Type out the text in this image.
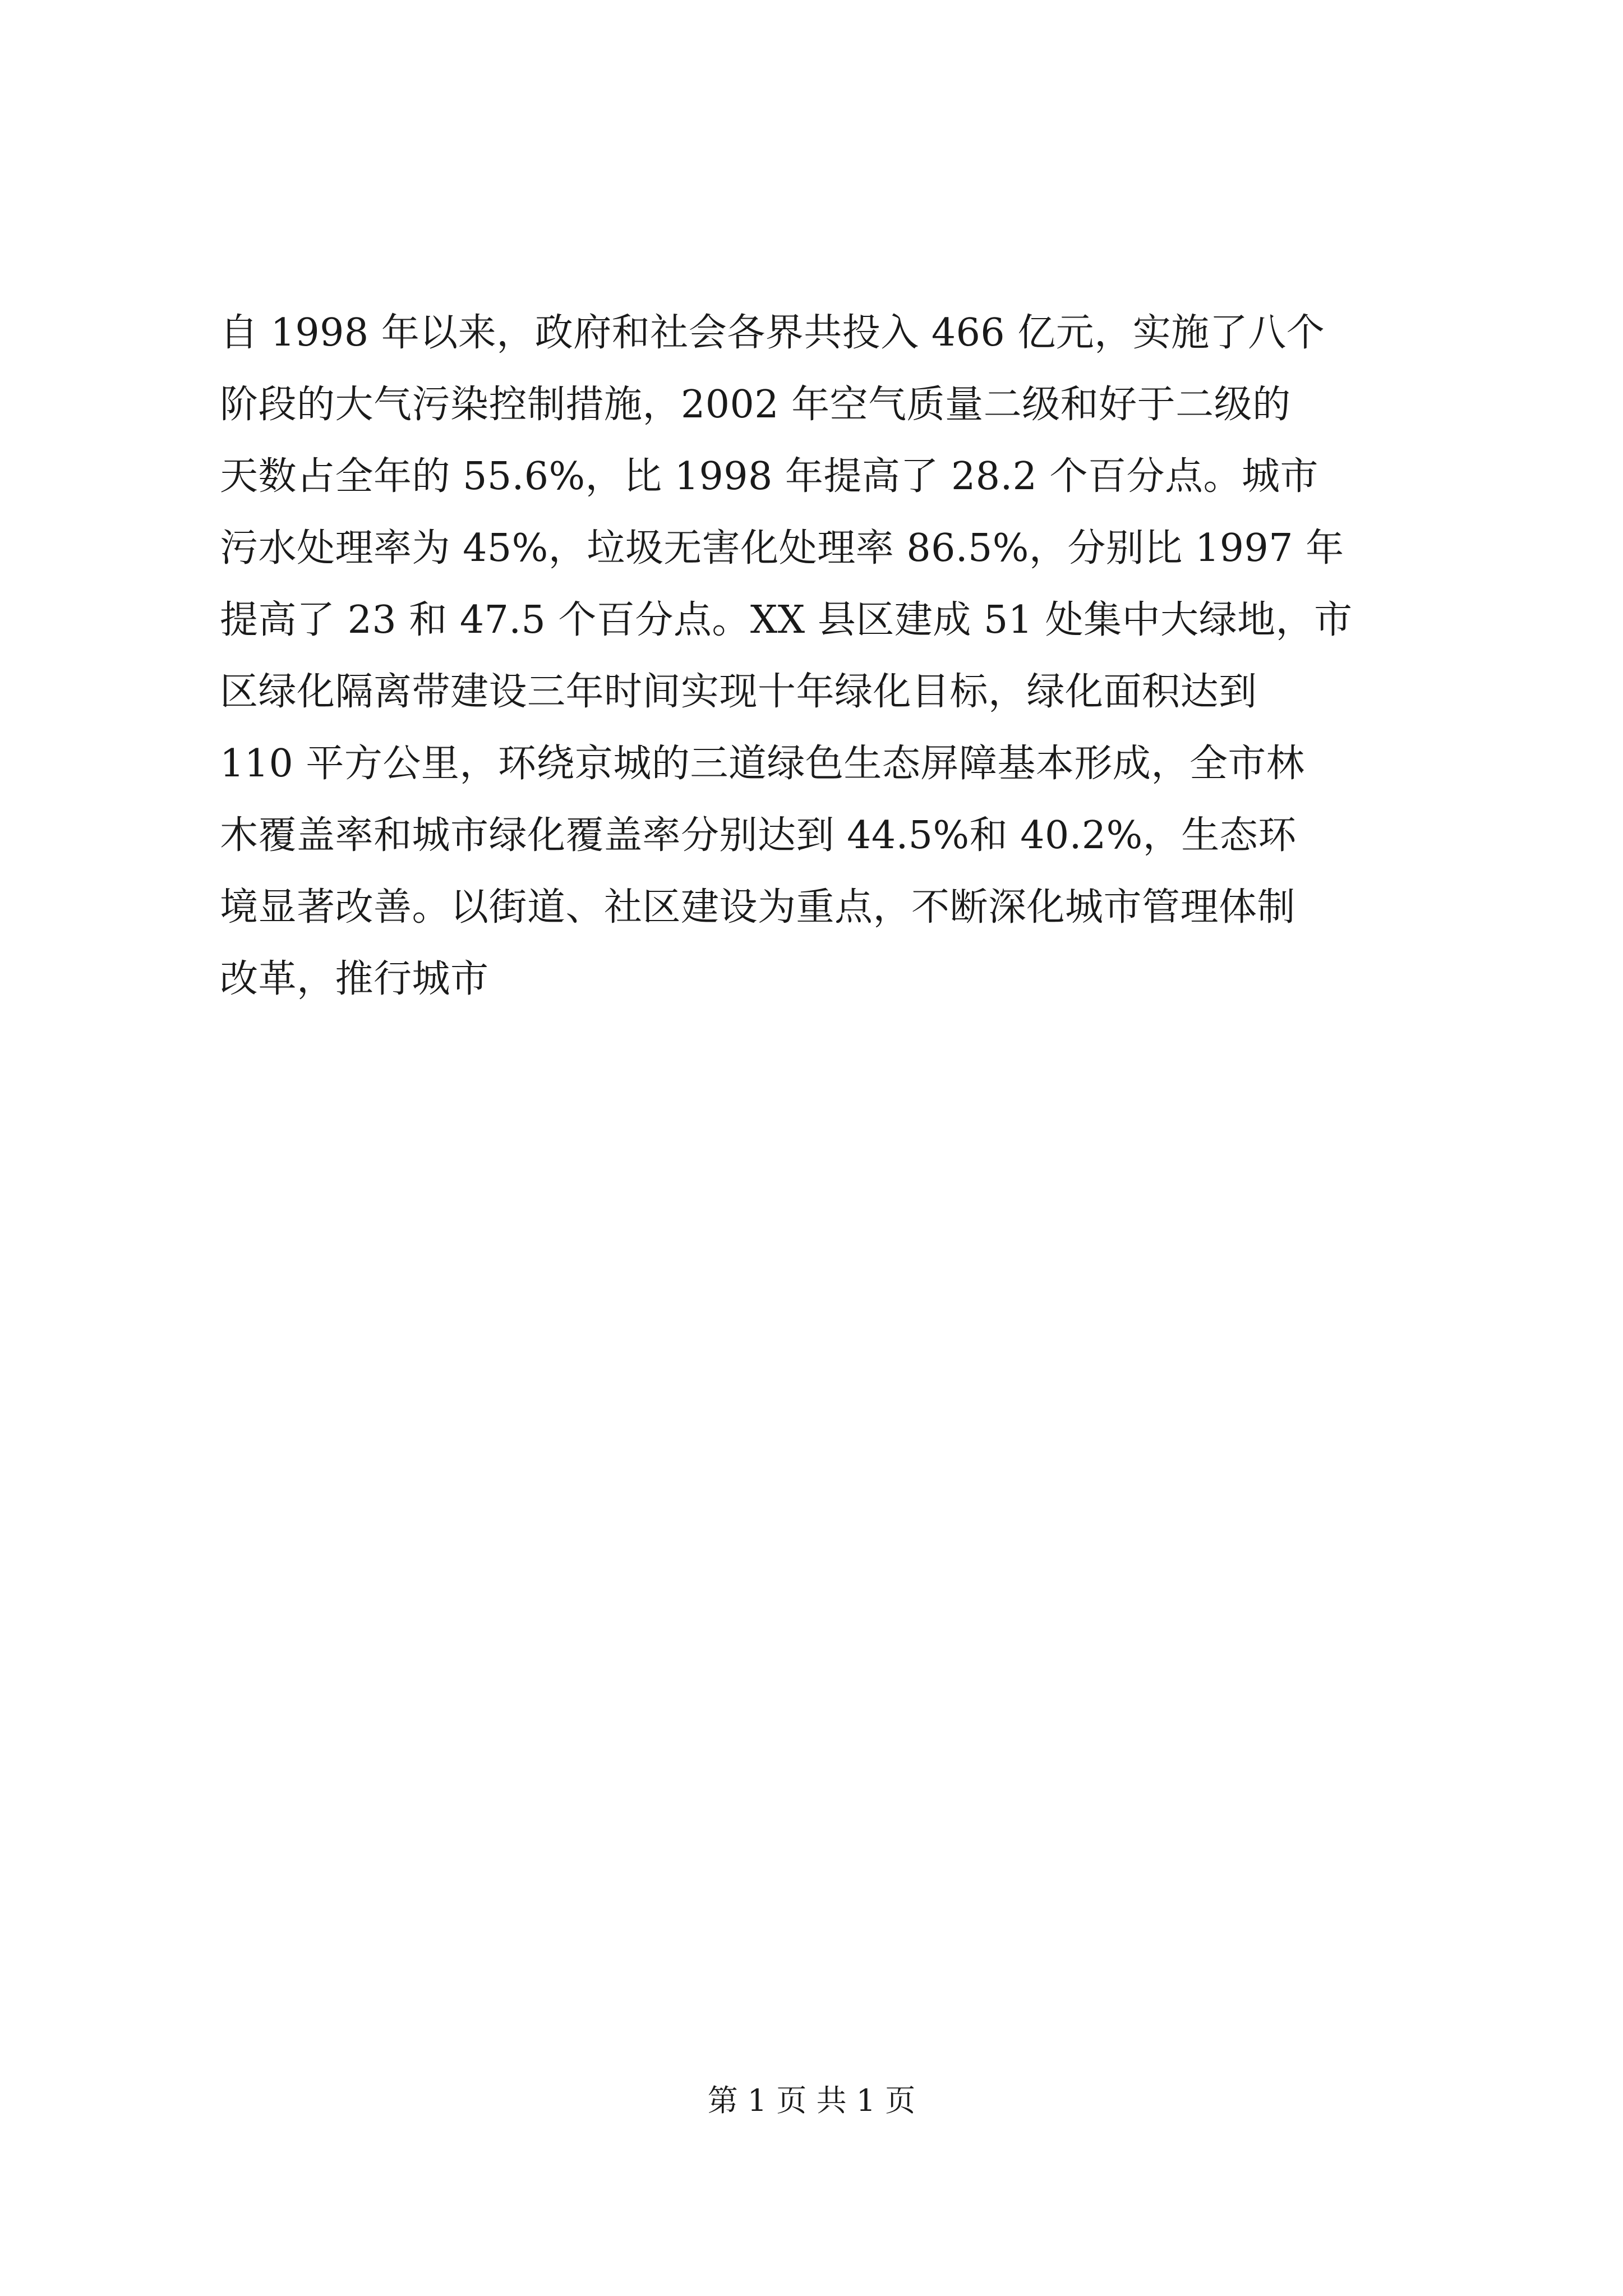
自 1998 年以来，政府和社会各界共投入 466 亿元，实施了八个
阶段的大气污染控制措施，2002 年空气质量二级和好于二级的
天数占全年的 55.6%，比 1998 年提高了 28.2 个百分点。城市
污水处理率为 45%，垃圾无害化处理率 86.5%，分别比 1997 年
提高了 23 和 47.5 个百分点。XX 县区建成 51 处集中大绿地，市
区绿化隔离带建设三年时间实现十年绿化目标，绿化面积达到
110 平方公里，环绕京城的三道绿色生态屏障基本形成，全市林
木覆盖率和城市绿化覆盖率分别达到 44.5%和 40.2%，生态环
境显著改善。以街道、社区建设为重点，不断深化城市管理体制
改革，推行城市
第 1 页 共 1 页
